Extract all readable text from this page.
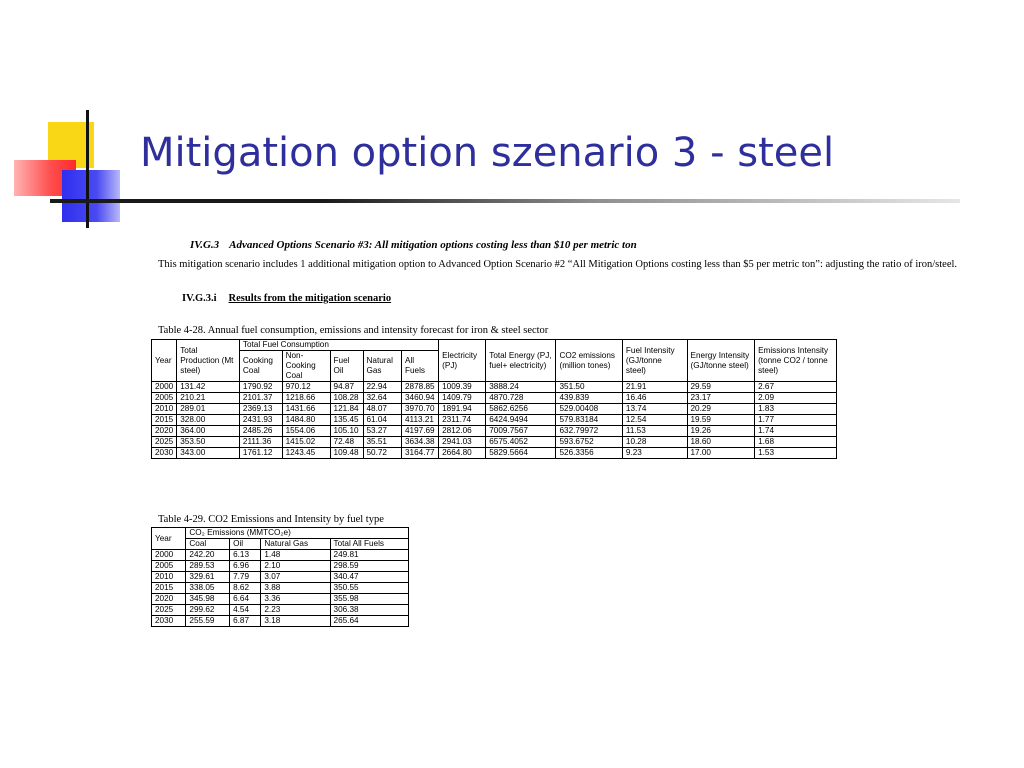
Mitigation option szenario 3 - steel
IV.G.3 Advanced Options Scenario #3: All mitigation options costing less than $10 per metric ton
This mitigation scenario includes 1 additional mitigation option to Advanced Option Scenario #2 “All Mitigation Options costing less than $5 per metric ton”: adjusting the ratio of iron/steel.
IV.G.3.i Results from the mitigation scenario
Table 4-28. Annual fuel consumption, emissions and intensity forecast for iron & steel sector
Year	Total Production (Mt steel)	Total Fuel Consumption					Electricity (PJ)	Total Energy (PJ, fuel+ electricity)	CO2 emissions (million tones)	Fuel Intensity (GJ/tonne steel)	Energy Intensity (GJ/tonne steel)	Emissions Intensity (tonne CO2 / tonne steel)
		Cooking Coal	Non-Cooking Coal	Fuel Oil	Natural Gas	All Fuels						
2000	131.42	1790.92	970.12	94.87	22.94	2878.85	1009.39	3888.24	351.50	21.91	29.59	2.67
2005	210.21	2101.37	1218.66	108.28	32.64	3460.94	1409.79	4870.728	439.839	16.46	23.17	2.09
2010	289.01	2369.13	1431.66	121.84	48.07	3970.70	1891.94	5862.6256	529.00408	13.74	20.29	1.83
2015	328.00	2431.93	1484.80	135.45	61.04	4113.21	2311.74	6424.9494	579.83184	12.54	19.59	1.77
2020	364.00	2485.26	1554.06	105.10	53.27	4197.69	2812.06	7009.7567	632.79972	11.53	19.26	1.74
2025	353.50	2111.36	1415.02	72.48	35.51	3634.38	2941.03	6575.4052	593.6752	10.28	18.60	1.68
2030	343.00	1761.12	1243.45	109.48	50.72	3164.77	2664.80	5829.5664	526.3356	9.23	17.00	1.53
Table 4-29. CO2 Emissions and Intensity by fuel type
Year	CO₂ Emissions (MMTCO₂e)			
	Coal	Oil	Natural Gas	Total All Fuels
2000	242.20	6.13	1.48	249.81
2005	289.53	6.96	2.10	298.59
2010	329.61	7.79	3.07	340.47
2015	338.05	8.62	3.88	350.55
2020	345.98	6.64	3.36	355.98
2025	299.62	4.54	2.23	306.38
2030	255.59	6.87	3.18	265.64
